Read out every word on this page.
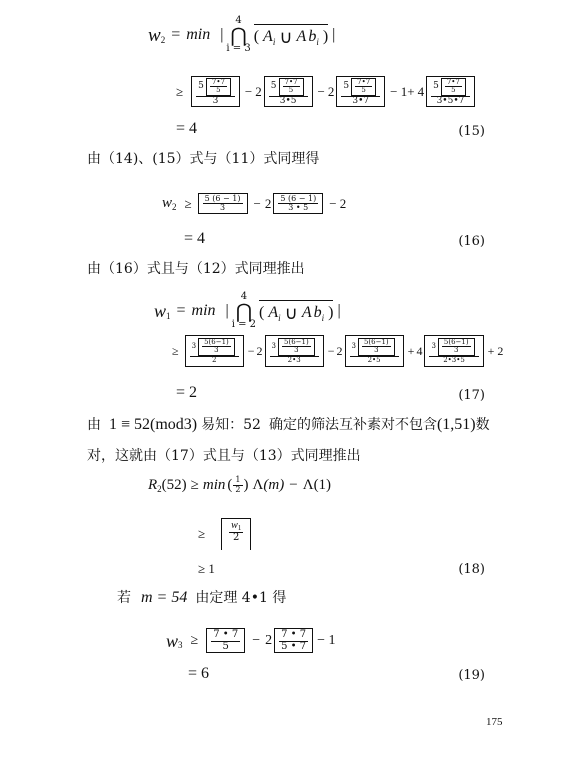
w 2 = min |
4
⋂
i = 3
( A i ∪ A b i ) |
≥ $\frac{5 \frac{7•7}{5}}{3} - 2 \frac{5 \frac{7•7}{5}}{3•5} - 2 \frac{5 \frac{7•7}{5}}{3•7} - 1+ 4 \frac{5 \frac{7•7}{5}}{3•5•7}$
= 4	(15)
由（14)、(15）式与（11）式同理得
w $2 \ge \frac{5 (6 - 1)}{3} - 2 \frac{5 (6 - 1)}{3 • 5} - 2$
= 4	(16)
由（16）式且与（12）式同理推出
w 1 = min |
4
⋂
i = 2
( A i ∪ A b i ) |
≥ $\frac{3 \frac{5(6-1)}{3}}{2} - 2 \frac{3 \frac{5(6-1)}{3}}{2•3} - 2 \frac{3 \frac{5(6-1)}{3}}{2•5} + 4 \frac{3 \frac{5(6-1)}{3}}{2•3•5} + 2$
= 2	(17)
由 1 ≡ 52(mod3) 易知：52 确定的筛法互补素对不包含 (1,51) 数
对，这就由（17）式且与（13）式同理推出
R 2 (52) ≥ min ( $\frac{1}{2}$ ) Λ (m) − Λ(1)
≥ $\frac{w 1}{2}$
≥ 1	(18)
若 m = 54 由定理 4•1 得
w $3 \ge \frac{7 • 7}{5} - 2 \frac{7 • 7}{5 • 7} - 1$
= 6	(19)
175
